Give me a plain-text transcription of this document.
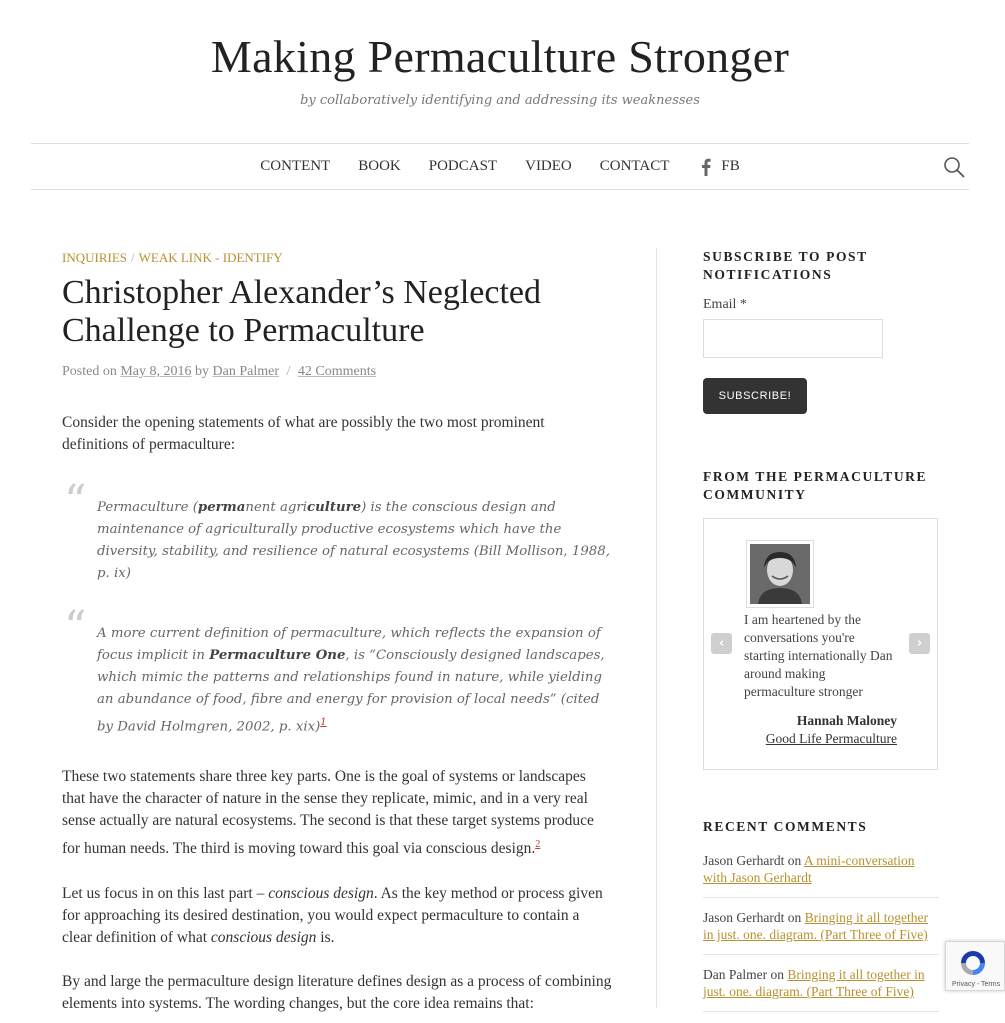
Making Permaculture Stronger

by collaboratively identifying and addressing its weaknesses

CONTENT BOOK PODCAST VIDEO CONTACT	FB
INQUIRIES / WEAK LINK - IDENTIFY
Christopher Alexander’s Neglected
Challenge to Permaculture
Posted on May 8, 2016 by Dan Palmer / 42 Comments

Consider the opening statements of what are possibly the two most prominent definitions of permaculture:

“ Permaculture (permanent agriculture) is the conscious design and maintenance of agriculturally productive ecosystems which have the diversity, stability, and resilience of natural ecosystems (Bill Mollison, 1988, p. ix)
“ A more current definition of permaculture, which reflects the expansion of focus implicit in Permaculture One, is “Consciously designed landscapes, which mimic the patterns and relationships found in nature, while yielding an abundance of food, fibre and energy for provision of local needs” (cited by David Holmgren, 2002, p. xix)$^1$

These two statements share three key parts. One is the goal of systems or landscapes that have the character of nature in the sense they replicate, mimic, and in a very real sense actually are natural ecosystems. The second is that these target systems produce for human needs. The third is moving toward this goal via conscious design.$^2$

Let us focus in on this last part – conscious design. As the key method or process given for approaching its desired destination, you would expect permaculture to contain a clear definition of what conscious design is.

By and large the permaculture design literature defines design as a process of combining elements into systems. The wording changes, but the core idea remains that:

SUBSCRIBE TO POST NOTIFICATIONS
Email *
SUBSCRIBE!
FROM THE PERMACULTURE COMMUNITY
‹	›
I am heartened by the conversations you're starting internationally Dan around making permaculture stronger
Hannah Maloney
Good Life Permaculture
RECENT COMMENTS
Jason Gerhardt on A mini-conversation with Jason Gerhardt
Jason Gerhardt on Bringing it all together in just. one. diagram. (Part Three of Five)
Dan Palmer on Bringing it all together in just. one. diagram. (Part Three of Five)	Privacy - Terms
